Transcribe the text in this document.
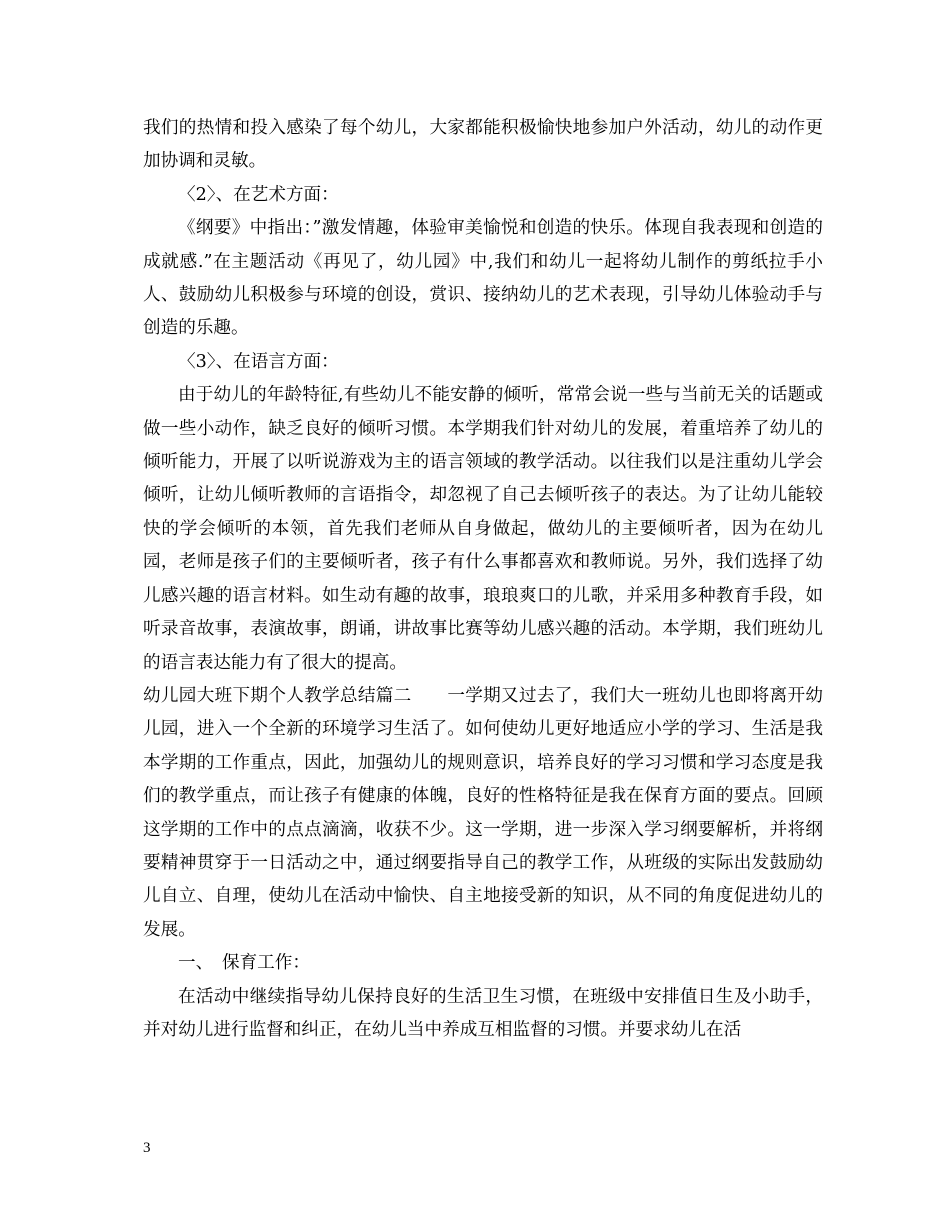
我们的热情和投入感染了每个幼儿，大家都能积极愉快地参加户外活动，幼儿的动作更加协调和灵敏。

〈2〉、在艺术方面：

《纲要》中指出：”激发情趣，体验审美愉悦和创造的快乐。体现自我表现和创造的成就感.”在主题活动《再见了，幼儿园》中,我们和幼儿一起将幼儿制作的剪纸拉手小人、鼓励幼儿积极参与环境的创设，赏识、接纳幼儿的艺术表现，引导幼儿体验动手与创造的乐趣。

〈3〉、在语言方面：

由于幼儿的年龄特征,有些幼儿不能安静的倾听，常常会说一些与当前无关的话题或做一些小动作，缺乏良好的倾听习惯。本学期我们针对幼儿的发展，着重培养了幼儿的倾听能力，开展了以听说游戏为主的语言领域的教学活动。以往我们以是注重幼儿学会倾听，让幼儿倾听教师的言语指令，却忽视了自己去倾听孩子的表达。为了让幼儿能较快的学会倾听的本领，首先我们老师从自身做起，做幼儿的主要倾听者，因为在幼儿园，老师是孩子们的主要倾听者，孩子有什么事都喜欢和教师说。另外，我们选择了幼儿感兴趣的语言材料。如生动有趣的故事，琅琅爽口的儿歌，并采用多种教育手段，如听录音故事，表演故事，朗诵，讲故事比赛等幼儿感兴趣的活动。本学期，我们班幼儿的语言表达能力有了很大的提高。

幼儿园大班下期个人教学总结篇二　　一学期又过去了，我们大一班幼儿也即将离开幼儿园，进入一个全新的环境学习生活了。如何使幼儿更好地适应小学的学习、生活是我本学期的工作重点，因此，加强幼儿的规则意识，培养良好的学习习惯和学习态度是我们的教学重点，而让孩子有健康的体魄，良好的性格特征是我在保育方面的要点。回顾这学期的工作中的点点滴滴，收获不少。这一学期，进一步深入学习纲要解析，并将纲要精神贯穿于一日活动之中，通过纲要指导自己的教学工作，从班级的实际出发鼓励幼儿自立、自理，使幼儿在活动中愉快、自主地接受新的知识，从不同的角度促进幼儿的发展。

一、　保育工作：

在活动中继续指导幼儿保持良好的生活卫生习惯，在班级中安排值日生及小助手，并对幼儿进行监督和纠正，在幼儿当中养成互相监督的习惯。并要求幼儿在活

3
